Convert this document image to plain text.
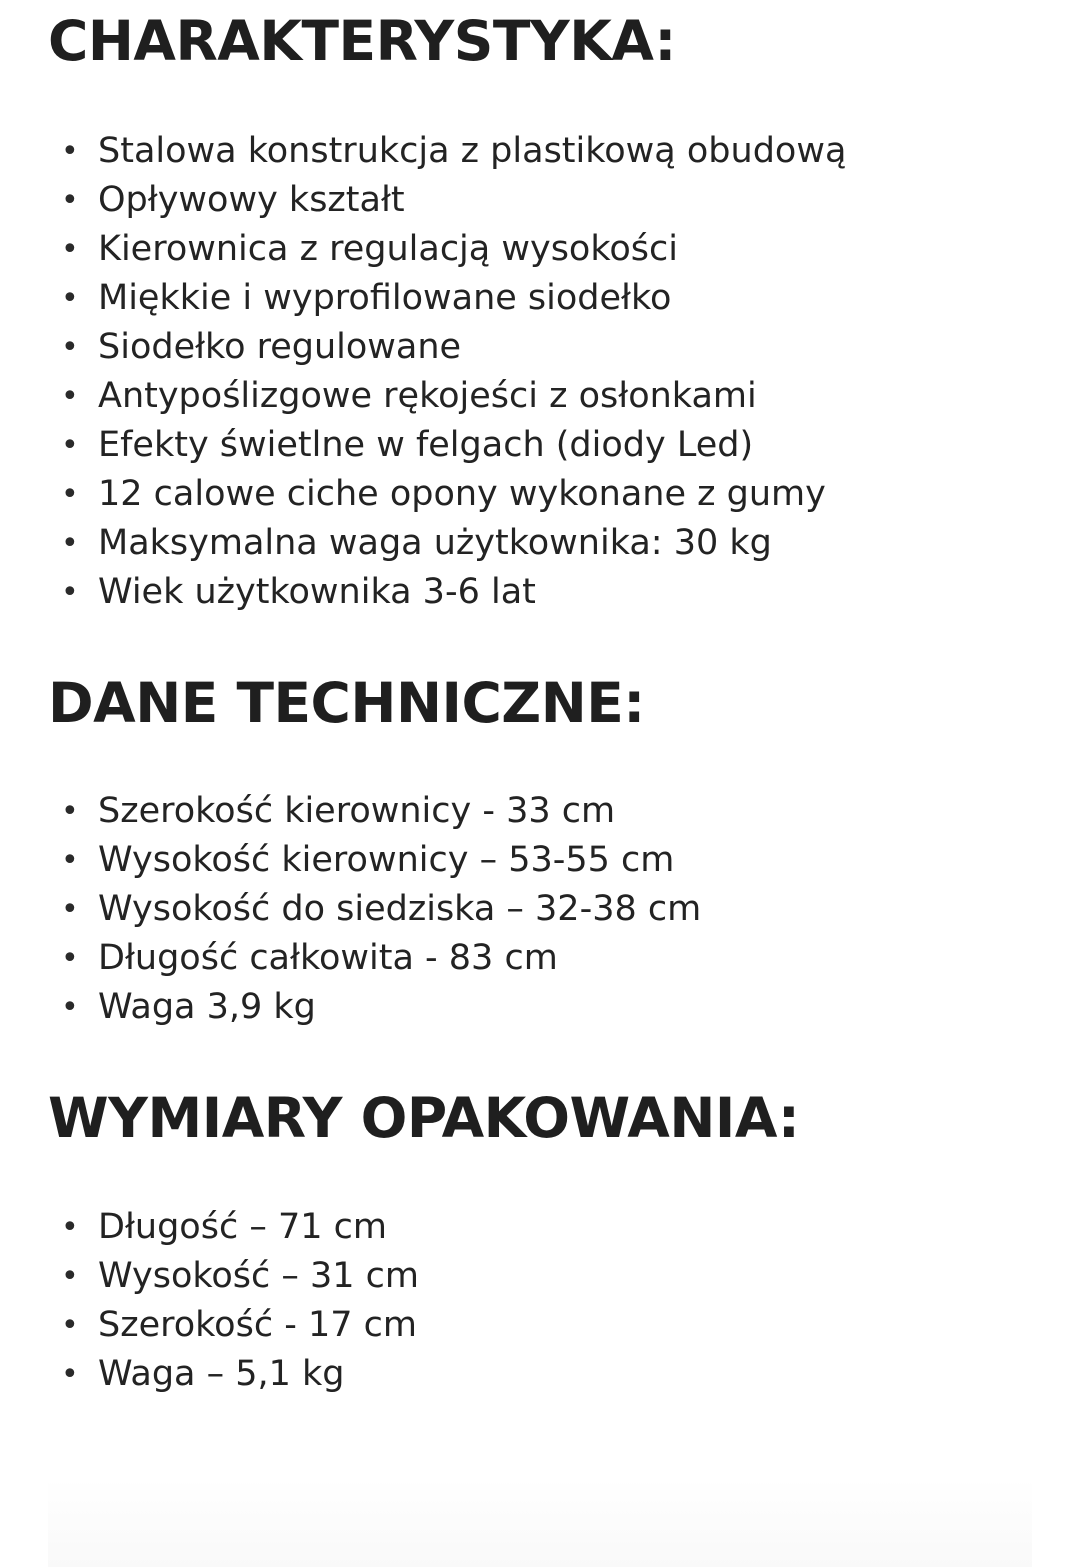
CHARAKTERYSTYKA:
• Stalowa konstrukcja z plastikową obudową
• Opływowy kształt
• Kierownica z regulacją wysokości
• Miękkie i wyprofilowane siodełko
• Siodełko regulowane
• Antypoślizgowe rękojeści z osłonkami
• Efekty świetlne w felgach (diody Led)
• 12 calowe ciche opony wykonane z gumy
• Maksymalna waga użytkownika: 30 kg
• Wiek użytkownika 3-6 lat
DANE TECHNICZNE:
• Szerokość kierownicy - 33 cm
• Wysokość kierownicy – 53-55 cm
• Wysokość do siedziska – 32-38 cm
• Długość całkowita - 83 cm
• Waga 3,9 kg
WYMIARY OPAKOWANIA:
• Długość – 71 cm
• Wysokość – 31 cm
• Szerokość - 17 cm
• Waga – 5,1 kg
